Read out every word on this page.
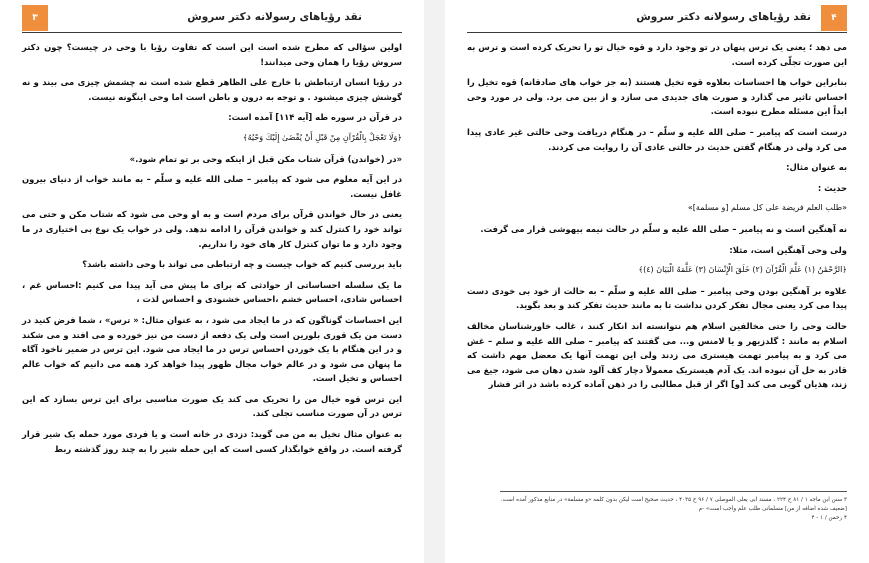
۳	نقد رؤیاهای رسولانه دکتر سروش

اولین سؤالی که مطرح شده است این است که تفاوت رؤیا با وحی در چیست؟ چون دکتر سروش رؤیا را همان وحی میدانند!

در رؤیا انسان ارتباطش با خارج علی الظاهر قطع شده است نه چشمش چیزی می بیند و نه گوشش چیزی میشنود . و توجه به درون و باطن است اما وحی اینگونه نیست.

در قرآن در سوره طه [آیه ۱۱۴] آمده است:

﴿وَلَا تَعْجَلْ بِالْقُرْآنِ مِنْ قَبْلِ أَنْ يُقْضَىٰ إِلَيْكَ وَحْيُهُ﴾

«در (خواندن) قرآن شتاب مکن قبل از اینکه وحی بر تو تمام شود.»

در این آیه معلوم می شود که پیامبر – صلی الله علیه و سلّم – به مانند خواب از دنیای بیرون غافل نیست.

یعنی در حال خواندن قرآن برای مردم است و به او وحی می شود که شتاب مکن و حتی می تواند خود را کنترل کند و خواندن قرآن را ادامه ندهد. ولی در خواب یک نوع بی اختیاری در ما وجود دارد و ما توان کنترل کار های خود را نداریم.

باید بررسی کنیم که خواب چیست و چه ارتباطی می تواند با وحی داشته باشد؟

ما یک سلسله احساساتی از حوادثی که برای ما پیش می آید پیدا می کنیم :احساس غم ، احساس شادی، احساس خشم ،احساس خشنودی و احساس لذت ،

این احساسات گوناگون که در ما ایجاد می شود ، به عنوان مثال: « ترس» ، شما فرض کنید در دست من یک قوری بلورین است ولی یک دفعه از دست من نیز خورده و می افتد و می شکند و در این هنگام با یک خوردن احساس ترس در ما ایجاد می شود. این ترس در ضمیر ناخود آگاه ما پنهان می شود و در عالم خواب مجال ظهور پیدا خواهد کرد همه می دانیم که خواب عالم احساس و تخیل است.

این ترس قوه خیال من را تحریک می کند یک صورت مناسبی برای این ترس بسازد که این ترس در آن صورت مناسب تجلی کند.

به عنوان مثال تخیل به من می گوید: دزدی در خانه است و یا فردی مورد حمله یک شیر قرار گرفته است. در واقع خوابگذار کسی است که این حمله شیر را به چند روز گذشته ربط

۴
نقد رؤیاهای رسولانه دکتر سروش

می دهد ؛ یعنی یک ترس پنهان در تو وجود دارد و قوه خیال تو را تحریک کرده است و ترس به این صورت تجلّی کرده است.

بنابراین خواب ها احساسات بعلاوه قوه تخیل هستند (به جز خواب های صادقانه) قوه تخیل را احساس تاثیر می گذارد و صورت های جدیدی می سازد و از بین می برد. ولی در مورد وحی ابداً این مسئله مطرح نبوده است.

درست است که پیامبر – صلی الله علیه و سلّم – در هنگام دریافت وحی حالتی غیر عادی پیدا می کرد ولی در هنگام گفتن حدیث در حالتی عادی آن را روایت می کردند.

به عنوان مثال:

حدیث :

«طلب العلم فريضة على كل مسلم [و مسلمة]»

نه آهنگین است و نه پیامبر – صلی الله علیه و سلّم در حالت نیمه بیهوشی قرار می گرفت.

ولی وحی آهنگین است، مثلا:

﴿الرَّحْمَٰنُ (١) عَلَّمَ الْقُرْآنَ (٢) خَلَقَ الْإِنْسَانَ (٣) عَلَّمَهُ الْبَيَانَ (٤)﴾

علاوه بر آهنگین بودن وحی پیامبر – صلی الله علیه و سلّم – به حالت از خود بی خودی دست پیدا می کرد یعنی مجال تفکر کردن نداشت تا به مانند حدیث تفکر کند و بعد بگوید.

حالت وحی را حتی مخالفین اسلام هم نتوانسته اند انکار کنند ، غالب خاورشناسان مخالف اسلام به مانند : گلدزیهر و یا لامنس و... می گفتند که پیامبر – صلی الله علیه و سلم – غش می کرد و به پیامبر تهمت هیستری می زدند ولی این تهمت آنها یک معضل مهم داشت که قادر به حل آن نبوده اند. یک آدم هیستریک معمولاً دچار کف آلود شدن دهان می شود، جیغ می زند، هذیان گویی می کند [و] اگر از قبل مطالبی را در ذهن آماده کرده باشد در اثر فشار

۳ سنن ابن ماجه ۱ / ۸۱ ح ۲۲۴ ، مسند ابی یعلی الموصلی ۷ / ۹۶ ح ۴۰۳۵ ، حدیث صحیح است لیکن بدون کلمه «و مسلمة» در منابع مذکور آمده است. [ضعیف شده اضافه از من] مسلمانی طلب علم واجب است» -م

۴ رحمن / ۱ - ۴
